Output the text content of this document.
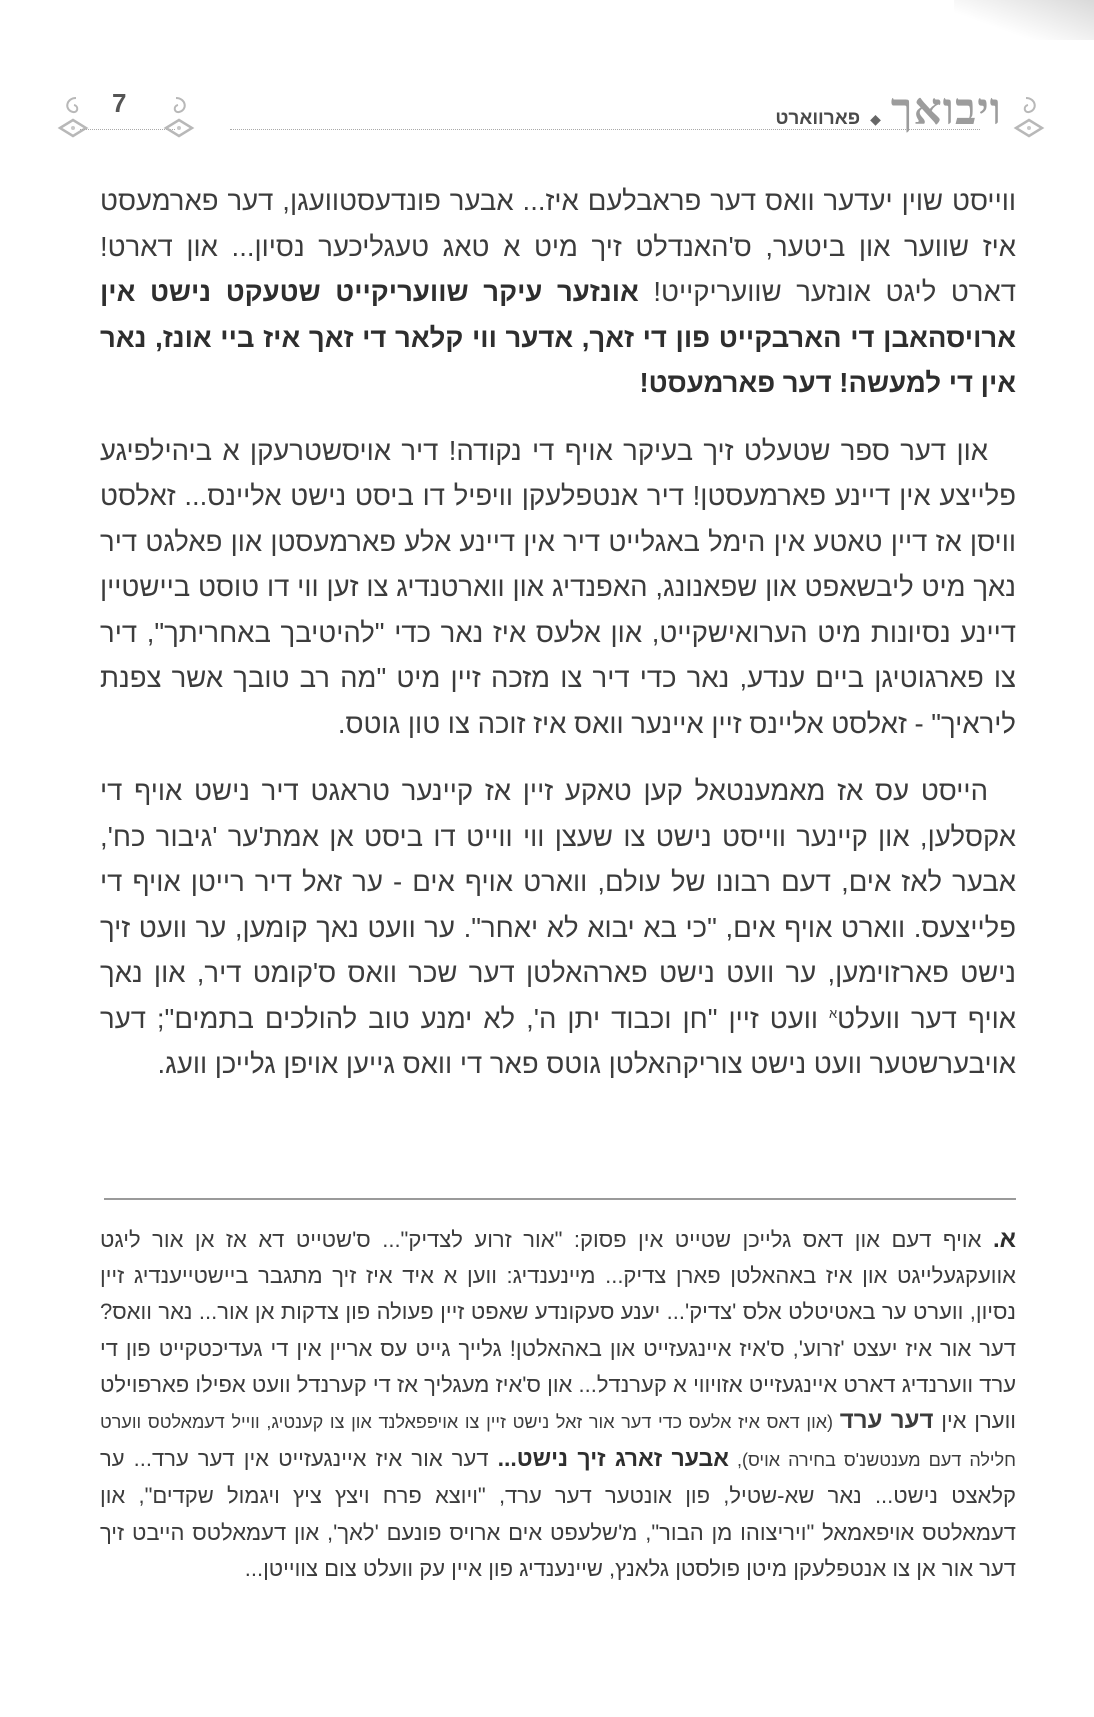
7	ויבואך
◆
פארווארט

ווייסט שוין יעדער וואס דער פראבלעם איז... אבער פונדעסטוועגן, דער פארמעסט איז שווער און ביטער, ס'האנדלט זיך מיט א טאג טעגליכער נסיון... און דארט! דארט ליגט אונזער שוועריקייט! אונזער עיקר שוועריקייט שטעקט נישט אין ארויסהאבן די הארבקייט פון די זאך, אדער ווי קלאר די זאך איז ביי אונז, נאר אין די למעשה! דער פארמעסט!

און דער ספר שטעלט זיך בעיקר אויף די נקודה! דיר אויסשטרעקן א ביהילפיגע פלייצע אין דיינע פארמעסטן! דיר אנטפלעקן וויפיל דו ביסט נישט אליינס... זאלסט וויסן אז דיין טאטע אין הימל באגלייט דיר אין דיינע אלע פארמעסטן און פאלגט דיר נאך מיט ליבשאפט און שפאנונג, האפנדיג און ווארטנדיג צו זען ווי דו טוסט ביישטיין דיינע נסיונות מיט הערואישקייט, און אלעס איז נאר כדי "להיטיבך באחריתך", דיר צו פארגוטיגן ביים ענדע, נאר כדי דיר צו מזכה זיין מיט "מה רב טובך אשר צפנת ליראיך" - זאלסט אליינס זיין איינער וואס איז זוכה צו טון גוטס.

הייסט עס אז מאמענטאל קען טאקע זיין אז קיינער טראגט דיר נישט אויף די אקסלען, און קיינער ווייסט נישט צו שעצן ווי ווייט דו ביסט אן אמת'ער 'גיבור כח', אבער לאז אים, דעם רבונו של עולם, ווארט אויף אים - ער זאל דיר רייטן אויף די פלייצעס. ווארט אויף אים, "כי בא יבוא לא יאחר". ער וועט נאך קומען, ער וועט זיך נישט פארזוימען, ער וועט נישט פארהאלטן דער שכר וואס ס'קומט דיר, און נאך אויף דער וועלט$^א$ וועט זיין "חן וכבוד יתן ה', לא ימנע טוב להולכים בתמים"; דער אויבערשטער וועט נישט צוריקהאלטן גוטס פאר די וואס גייען אויפן גלייכן וועג.

א. אויף דעם און דאס גלייכן שטייט אין פסוק: "אור זרוע לצדיק"... ס'שטייט דא אז אן אור ליגט אוועקגעלייגט און איז באהאלטן פארן צדיק... מיינענדיג: ווען א איד איז זיך מתגבר ביישטייענדיג זיין נסיון, ווערט ער באטיטלט אלס 'צדיק'... יענע סעקונדע שאפט זיין פעולה פון צדקות אן אור... נאר וואס? דער אור איז יעצט 'זרוע', ס'איז איינגעזייט און באהאלטן! גלייך גייט עס אריין אין די געדיכטקייט פון די ערד ווערנדיג דארט איינגעזייט אזויווי א קערנדל... און ס'איז מעגליך אז די קערנדל וועט אפילו פארפוילט ווערן אין דער ערד (און דאס איז אלעס כדי דער אור זאל נישט זיין צו אויפפאלנד און צו קענטיג, ווייל דעמאלטס ווערט חלילה דעם מענטשנ'ס בחירה אויס), אבער זארג זיך נישט... דער אור איז איינגעזייט אין דער ערד... ער קלאצט נישט... נאר שא-שטיל, פון אונטער דער ערד, "ויוצא פרח ויצץ ציץ ויגמול שקדים", און דעמאלטס אויפאמאל "ויריצוהו מן הבור", מ'שלעפט אים ארויס פונעם 'לאך', און דעמאלטס הייבט זיך דער אור אן צו אנטפלעקן מיטן פולסטן גלאנץ, שיינענדיג פון איין עק וועלט צום צווייטן...
